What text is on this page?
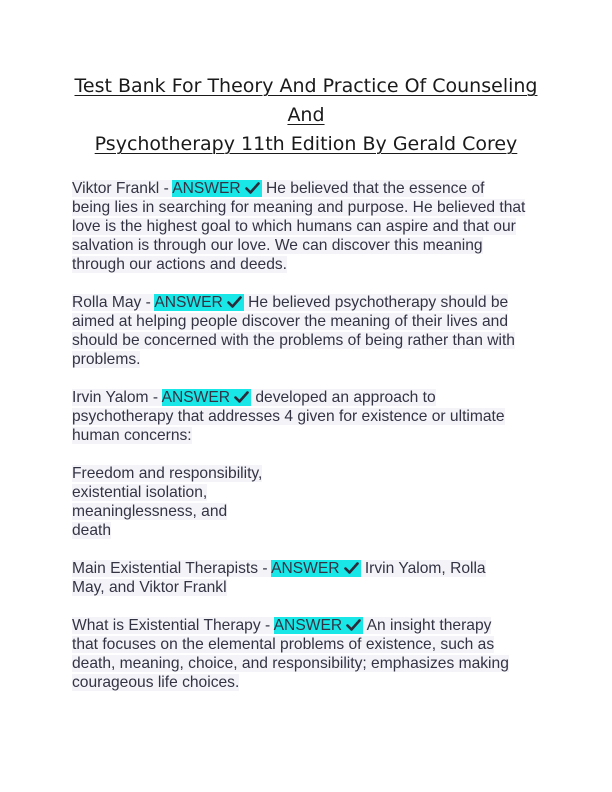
Test Bank For Theory And Practice Of Counseling
And
Psychotherapy 11th Edition By Gerald Corey
Viktor Frankl - ANSWER
He believed that the essence of
being lies in searching for meaning and purpose. He believed that
love is the highest goal to which humans can aspire and that our
salvation is through our love. We can discover this meaning
through our actions and deeds.
Rolla May - ANSWER
He believed psychotherapy should be
aimed at helping people discover the meaning of their lives and
should be concerned with the problems of being rather than with
problems.
Irvin Yalom - ANSWER
developed an approach to
psychotherapy that addresses 4 given for existence or ultimate
human concerns:
Freedom and responsibility,
existential isolation,
meaninglessness, and
death
Main Existential Therapists - ANSWER
Irvin Yalom, Rolla
May, and Viktor Frankl
What is Existential Therapy - ANSWER
An insight therapy
that focuses on the elemental problems of existence, such as
death, meaning, choice, and responsibility; emphasizes making
courageous life choices.
